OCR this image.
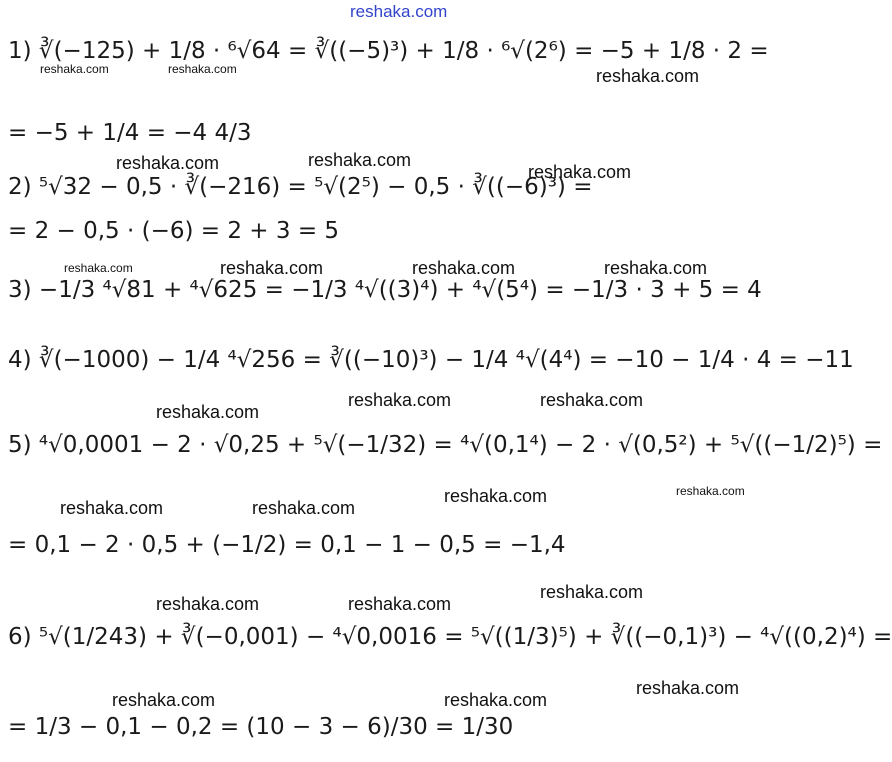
reshaka.com
1) ∛(−125) + 1/8 · ⁶√64 = ∛((−5)³) + 1/8 · ⁶√(2⁶) = −5 + 1/8 · 2 =
= −5 + 1/4 = −4 4/3
2) ⁵√32 − 0,5 · ∛(−216) = ⁵√(2⁵) − 0,5 · ∛((−6)³) =
= 2 − 0,5 · (−6) = 2 + 3 = 5
3) −1/3 ⁴√81 + ⁴√625 = −1/3 ⁴√((3)⁴) + ⁴√(5⁴) = −1/3 · 3 + 5 = 4
4) ∛(−1000) − 1/4 ⁴√256 = ∛((−10)³) − 1/4 ⁴√(4⁴) = −10 − 1/4 · 4 = −11
5) ⁴√0,0001 − 2 · √0,25 + ⁵√(−1/32) = ⁴√(0,1⁴) − 2 · √(0,5²) + ⁵√((−1/2)⁵) =
= 0,1 − 2 · 0,5 + (−1/2) = 0,1 − 1 − 0,5 = −1,4
6) ⁵√(1/243) + ∛(−0,001) − ⁴√0,0016 = ⁵√((1/3)⁵) + ∛((−0,1)³) − ⁴√((0,2)⁴) =
= 1/3 − 0,1 − 0,2 = (10 − 3 − 6)/30 = 1/30
reshaka.com	reshaka.com	reshaka.com
reshaka.com	reshaka.com
reshaka.com
reshaka.com	reshaka.com	reshaka.com	reshaka.com
reshaka.com	reshaka.com
reshaka.com
reshaka.com
reshaka.com
reshaka.com	reshaka.com
reshaka.com
reshaka.com	reshaka.com
reshaka.com
reshaka.com	reshaka.com
